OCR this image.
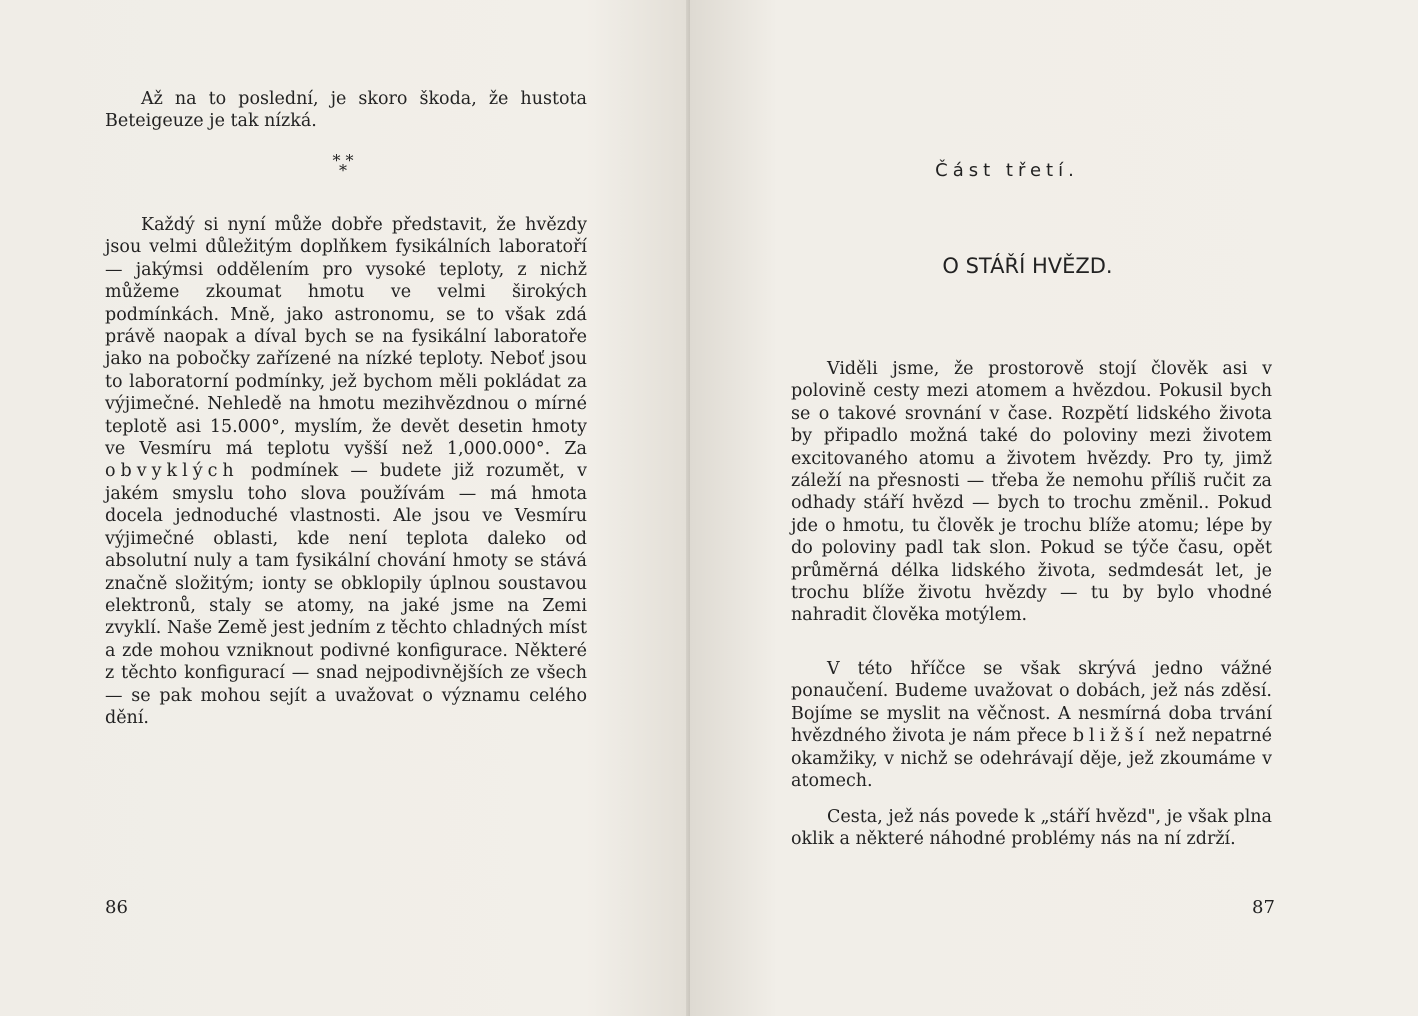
Až na to poslední, je skoro škoda, že hustota Beteigeuze je tak nízká.

* * *

Každý si nyní může dobře představit, že hvězdy jsou velmi důležitým doplňkem fysikálních laboratoří — jakýmsi oddělením pro vysoké teploty, z nichž můžeme zkoumat hmotu ve velmi širokých podmínkách. Mně, jako astronomu, se to však zdá právě naopak a díval bych se na fysikální laboratoře jako na pobočky zařízené na nízké teploty. Neboť jsou to laboratorní podmínky, jež bychom měli pokládat za výjimečné. Nehledě na hmotu mezihvězdnou o mírné teplotě asi 15.000°, myslím, že devět desetin hmoty ve Vesmíru má teplotu vyšší než 1,000.000°. Za obvyklých podmínek — budete již rozumět, v jakém smyslu toho slova používám — má hmota docela jednoduché vlastnosti. Ale jsou ve Vesmíru výjimečné oblasti, kde není teplota daleko od absolutní nuly a tam fysikální chování hmoty se stává značně složitým; ionty se obklopily úplnou soustavou elektronů, staly se atomy, na jaké jsme na Zemi zvyklí. Naše Země jest jedním z těchto chladných míst a zde mohou vzniknout podivné konfigurace. Některé z těchto konfigurací — snad nejpodivnějších ze všech — se pak mohou sejít a uvažovat o významu celého dění.

86	87
Část třetí.
O STÁŘÍ HVĚZD.

Viděli jsme, že prostorově stojí člověk asi v polovině cesty mezi atomem a hvězdou. Pokusil bych se o takové srovnání v čase. Rozpětí lidského života by připadlo možná také do poloviny mezi životem excitovaného atomu a životem hvězdy. Pro ty, jimž záleží na přesnosti — třeba že nemohu příliš ručit za odhady stáří hvězd — bych to trochu změnil.. Pokud jde o hmotu, tu člověk je trochu blíže atomu; lépe by do poloviny padl tak slon. Pokud se týče času, opět průměrná délka lidského života, sedmdesát let, je trochu blíže životu hvězdy — tu by bylo vhodné nahradit člověka motýlem.

V této hříčce se však skrývá jedno vážné ponaučení. Budeme uvažovat o dobách, jež nás zděsí. Bojíme se myslit na věčnost. A nesmírná doba trvání hvězdného života je nám přece bližší než nepatrné okamžiky, v nichž se odehrávají děje, jež zkoumáme v atomech.

Cesta, jež nás povede k „stáří hvězd", je však plna oklik a některé náhodné problémy nás na ní zdrží.
